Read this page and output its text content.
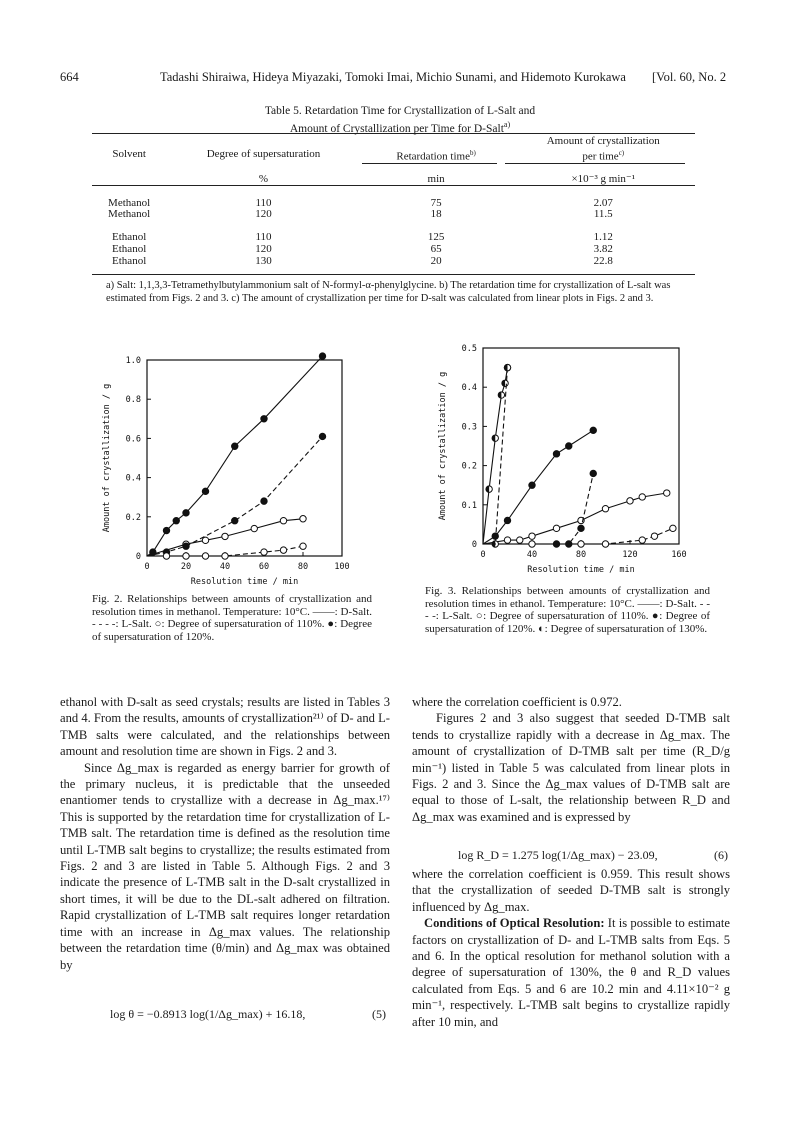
664	Tadashi Shiraiwa, Hideya Miyazaki, Tomoki Imai, Michio Sunami, and Hidemoto Kurokawa [Vol. 60, No. 2
Table 5. Retardation Time for Crystallization of L-Salt and
Amount of Crystallization per Time for D-Salt$^{a)}$
			Amount of crystallization
Solvent	Degree of supersaturation	Retardation time$^{b)}$	per time$^{c)}$

	%	min	×10⁻³ g min⁻¹

Methanol	110	75	2.07
Methanol	120	18	11.5

Ethanol	110	125	1.12
Ethanol	120	65	3.82
Ethanol	130	20	22.8
a) Salt: 1,1,3,3-Tetramethylbutylammonium salt of N-formyl-α-phenylglycine. b) The retardation time for crystallization of L-salt was estimated from Figs. 2 and 3. c) The amount of crystallization per time for D-salt was calculated from linear plots in Figs. 2 and 3.
0	20	40	60	80	100
0
0.2
0.4
0.6
0.8
1.0
Resolution time / min
Amount of crystallization / g
Fig. 2. Relationships between amounts of crystallization and resolution times in methanol. Temperature: 10°C. ——: D-Salt. - - - -: L-Salt. ○: Degree of supersaturation of 110%. ●: Degree of supersaturation of 120%.
0	40	80	120	160
0
0.1
0.2
0.3
0.4
0.5
Resolution time / min
Amount of crystallization / g
Fig. 3. Relationships between amounts of crystallization and resolution times in ethanol. Temperature: 10°C. ——: D-Salt. - - - -: L-Salt. ○: Degree of supersaturation of 110%. ●: Degree of supersaturation of 120%. ◐: Degree of supersaturation of 130%.

ethanol with D-salt as seed crystals; results are listed in Tables 3 and 4. From the results, amounts of crystallization²¹⁾ of D- and L-TMB salts were calculated, and the relationships between amount and resolution time are shown in Figs. 2 and 3.

Since Δg_max is regarded as energy barrier for growth of the primary nucleus, it is predictable that the unseeded enantiomer tends to crystallize with a decrease in Δg_max.¹⁷⁾ This is supported by the retardation time for crystallization of L-TMB salt. The retardation time is defined as the resolution time until L-TMB salt begins to crystallize; the results estimated from Figs. 2 and 3 are listed in Table 5. Although Figs. 2 and 3 indicate the presence of L-TMB salt in the D-salt crystallized in short times, it will be due to the DL-salt adhered on filtration. Rapid crystallization of L-TMB salt requires longer retardation time with an increase in Δg_max values. The relationship between the retardation time (θ/min) and Δg_max was obtained by

log θ = −0.8913 log(1/Δg_max) + 16.18,	(5)

where the correlation coefficient is 0.972.

Figures 2 and 3 also suggest that seeded D-TMB salt tends to crystallize rapidly with a decrease in Δg_max. The amount of crystallization of D-TMB salt per time (R_D/g min⁻¹) listed in Table 5 was calculated from linear plots in Figs. 2 and 3. Since the Δg_max values of D-TMB salt are equal to those of L-salt, the relationship between R_D and Δg_max was examined and is expressed by

log R_D = 1.275 log(1/Δg_max) − 23.09,	(6)

where the correlation coefficient is 0.959. This result shows that the crystallization of seeded D-TMB salt is strongly influenced by Δg_max.

Conditions of Optical Resolution: It is possible to estimate factors on crystallization of D- and L-TMB salts from Eqs. 5 and 6. In the optical resolution for methanol solution with a degree of supersaturation of 130%, the θ and R_D values calculated from Eqs. 5 and 6 are 10.2 min and 4.11×10⁻² g min⁻¹, respectively. L-TMB salt begins to crystallize rapidly after 10 min, and
